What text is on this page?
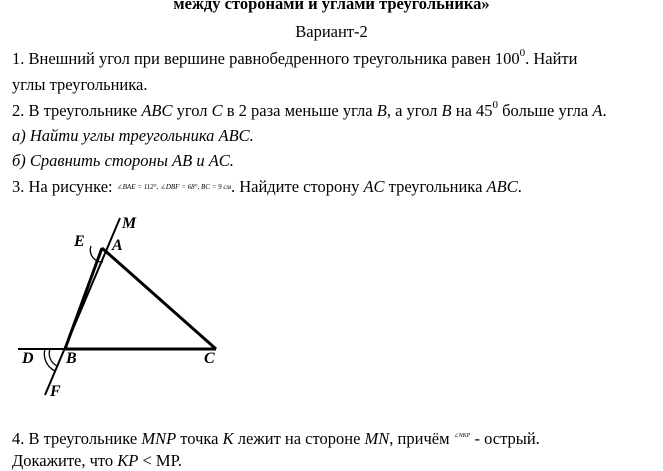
между сторонами и углами треугольника»
Вариант-2
1. Внешний угол при вершине равнобедренного треугольника равен $100^0$. Найти
углы треугольника.
2. В треугольнике ABC угол C в 2 раза меньше угла B, а угол B на $45^0$ больше угла A.
а) Найти углы треугольника ABC.
б) Сравнить стороны AB и AC.
3. На рисунке: ∠BAE = 112°, ∠DBF = 68°, BC = 9 см. Найдите сторону AC треугольника ABC.
M
E A
D B	C
F
4. В треугольнике MNP точка K лежит на стороне MN, причём $^{\angle NKP}$ - острый.
Докажите, что KP < МР.
